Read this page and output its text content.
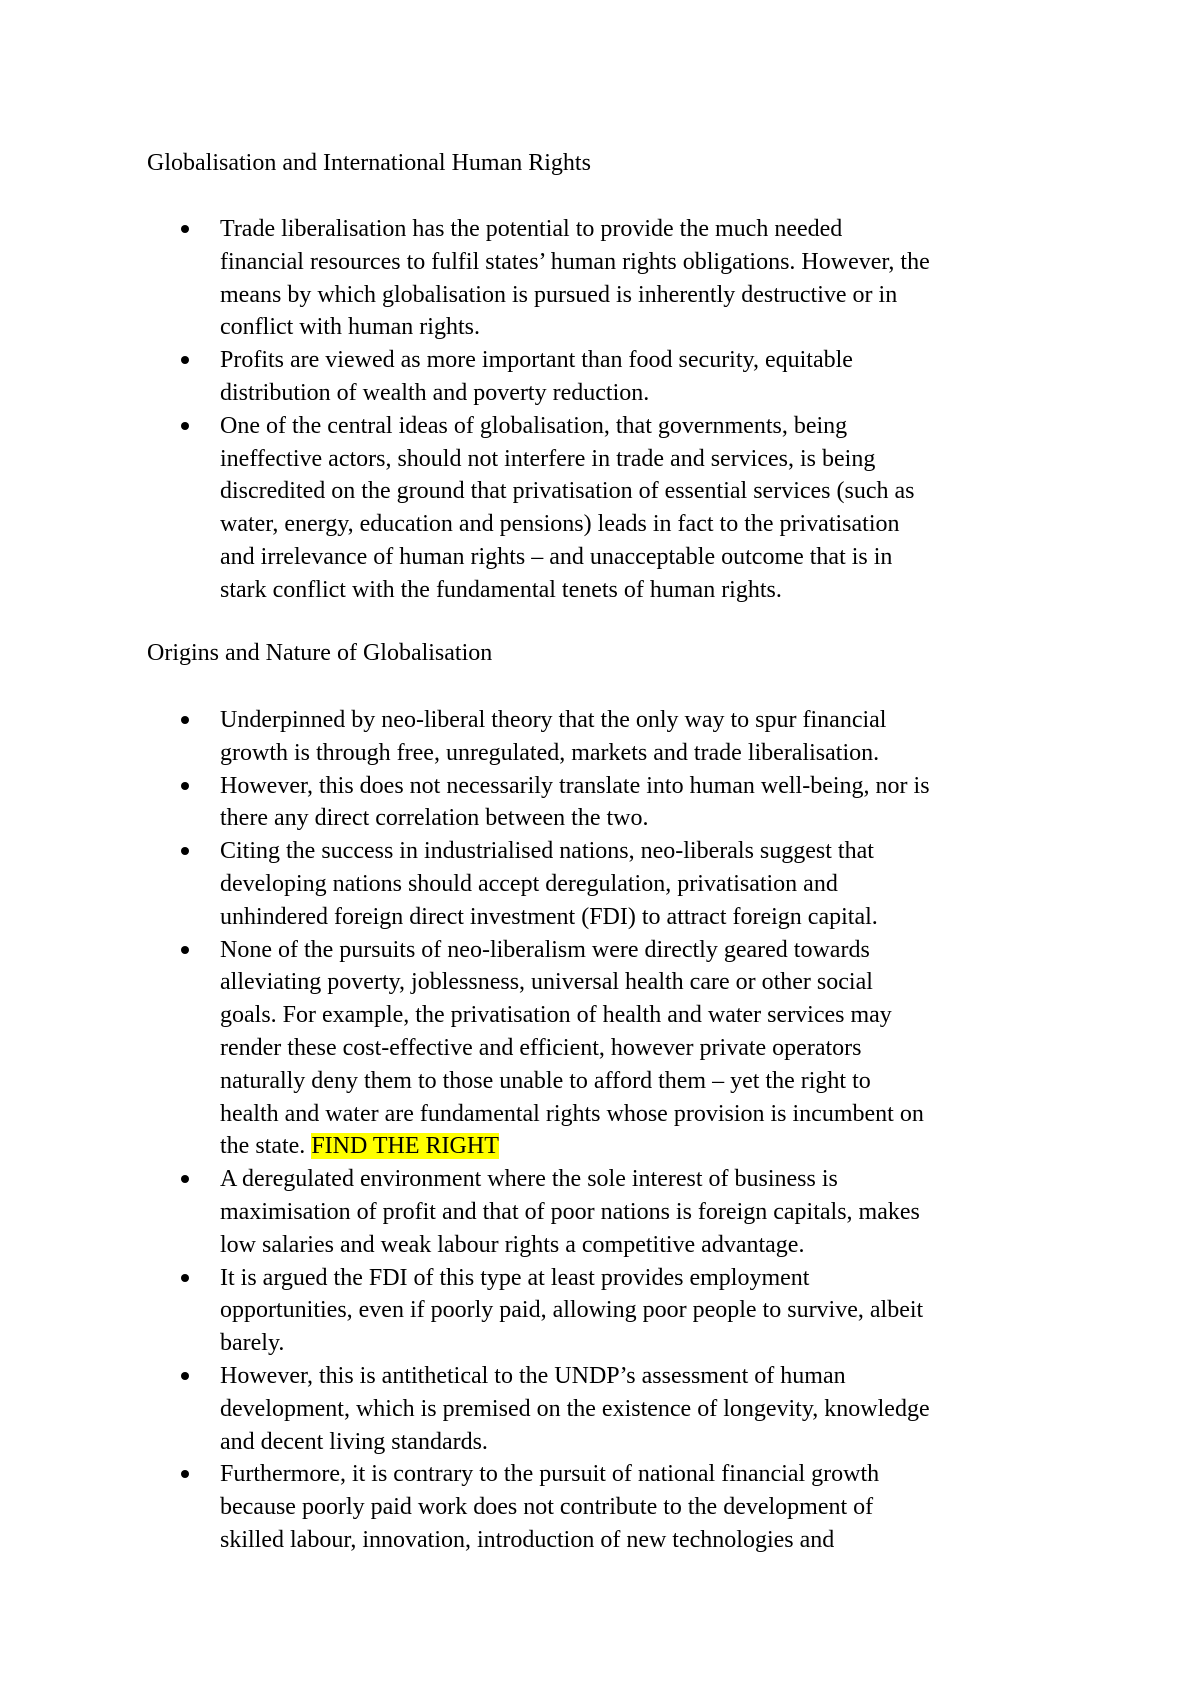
Globalisation and International Human Rights
Trade liberalisation has the potential to provide the much needed
financial resources to fulfil states’ human rights obligations. However, the
means by which globalisation is pursued is inherently destructive or in
conflict with human rights.
Profits are viewed as more important than food security, equitable
distribution of wealth and poverty reduction.
One of the central ideas of globalisation, that governments, being
ineffective actors, should not interfere in trade and services, is being
discredited on the ground that privatisation of essential services (such as
water, energy, education and pensions) leads in fact to the privatisation
and irrelevance of human rights – and unacceptable outcome that is in
stark conflict with the fundamental tenets of human rights.
Origins and Nature of Globalisation
Underpinned by neo-liberal theory that the only way to spur financial
growth is through free, unregulated, markets and trade liberalisation.
However, this does not necessarily translate into human well-being, nor is
there any direct correlation between the two.
Citing the success in industrialised nations, neo-liberals suggest that
developing nations should accept deregulation, privatisation and
unhindered foreign direct investment (FDI) to attract foreign capital.
None of the pursuits of neo-liberalism were directly geared towards
alleviating poverty, joblessness, universal health care or other social
goals. For example, the privatisation of health and water services may
render these cost-effective and efficient, however private operators
naturally deny them to those unable to afford them – yet the right to
health and water are fundamental rights whose provision is incumbent on
the state. FIND THE RIGHT
A deregulated environment where the sole interest of business is
maximisation of profit and that of poor nations is foreign capitals, makes
low salaries and weak labour rights a competitive advantage.
It is argued the FDI of this type at least provides employment
opportunities, even if poorly paid, allowing poor people to survive, albeit
barely.
However, this is antithetical to the UNDP’s assessment of human
development, which is premised on the existence of longevity, knowledge
and decent living standards.
Furthermore, it is contrary to the pursuit of national financial growth
because poorly paid work does not contribute to the development of
skilled labour, innovation, introduction of new technologies and
